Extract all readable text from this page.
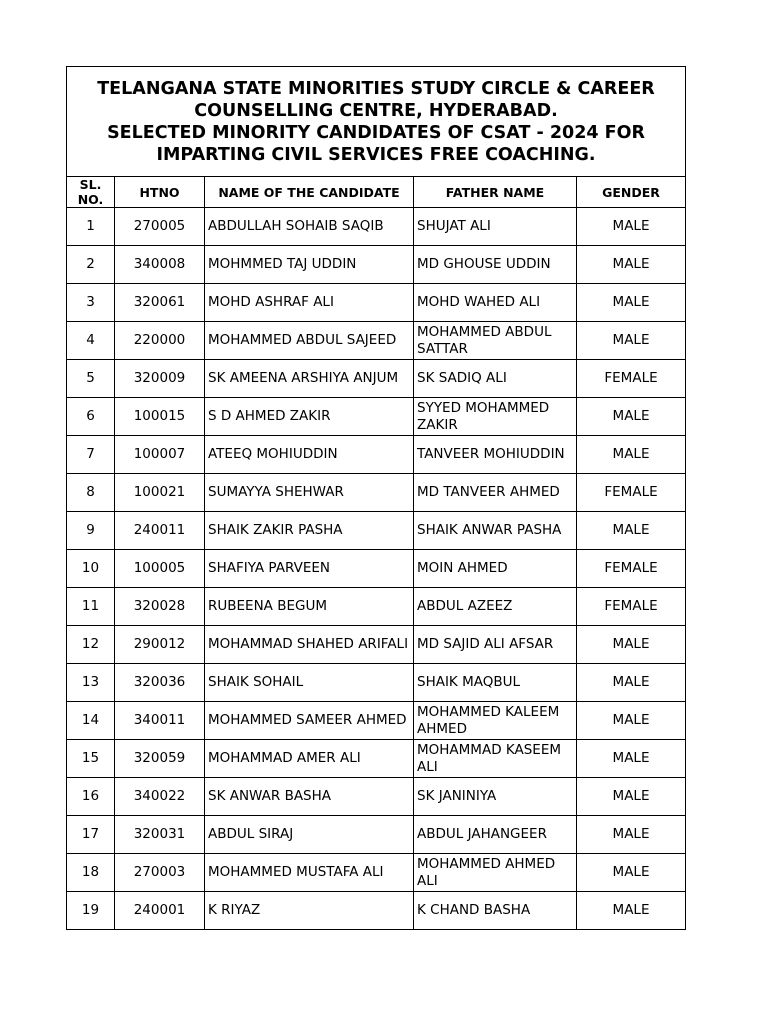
TELANGANA STATE MINORITIES STUDY CIRCLE & CAREER
COUNSELLING CENTRE, HYDERABAD.
SELECTED MINORITY CANDIDATES OF CSAT - 2024 FOR
IMPARTING CIVIL SERVICES FREE COACHING.				

SL.
NO.	HTNO	NAME OF THE CANDIDATE	FATHER NAME	GENDER
1	270005	ABDULLAH SOHAIB SAQIB	SHUJAT ALI	MALE
2	340008	MOHMMED TAJ UDDIN	MD GHOUSE UDDIN	MALE
3	320061	MOHD ASHRAF ALI	MOHD WAHED ALI	MALE
4	220000	MOHAMMED ABDUL SAJEED	MOHAMMED ABDUL SATTAR	MALE
5	320009	SK AMEENA ARSHIYA ANJUM	SK SADIQ ALI	FEMALE
6	100015	S D AHMED ZAKIR	SYYED MOHAMMED ZAKIR	MALE
7	100007	ATEEQ MOHIUDDIN	TANVEER MOHIUDDIN	MALE
8	100021	SUMAYYA SHEHWAR	MD TANVEER AHMED	FEMALE
9	240011	SHAIK ZAKIR PASHA	SHAIK ANWAR PASHA	MALE
10	100005	SHAFIYA PARVEEN	MOIN AHMED	FEMALE
11	320028	RUBEENA BEGUM	ABDUL AZEEZ	FEMALE
12	290012	MOHAMMAD SHAHED ARIFALI	MD SAJID ALI AFSAR	MALE
13	320036	SHAIK SOHAIL	SHAIK MAQBUL	MALE
14	340011	MOHAMMED SAMEER AHMED	MOHAMMED KALEEM AHMED	MALE
15	320059	MOHAMMAD AMER ALI	MOHAMMAD KASEEM ALI	MALE
16	340022	SK ANWAR BASHA	SK JANINIYA	MALE
17	320031	ABDUL SIRAJ	ABDUL JAHANGEER	MALE
18	270003	MOHAMMED MUSTAFA ALI	MOHAMMED AHMED ALI	MALE
19	240001	K RIYAZ	K CHAND BASHA	MALE
